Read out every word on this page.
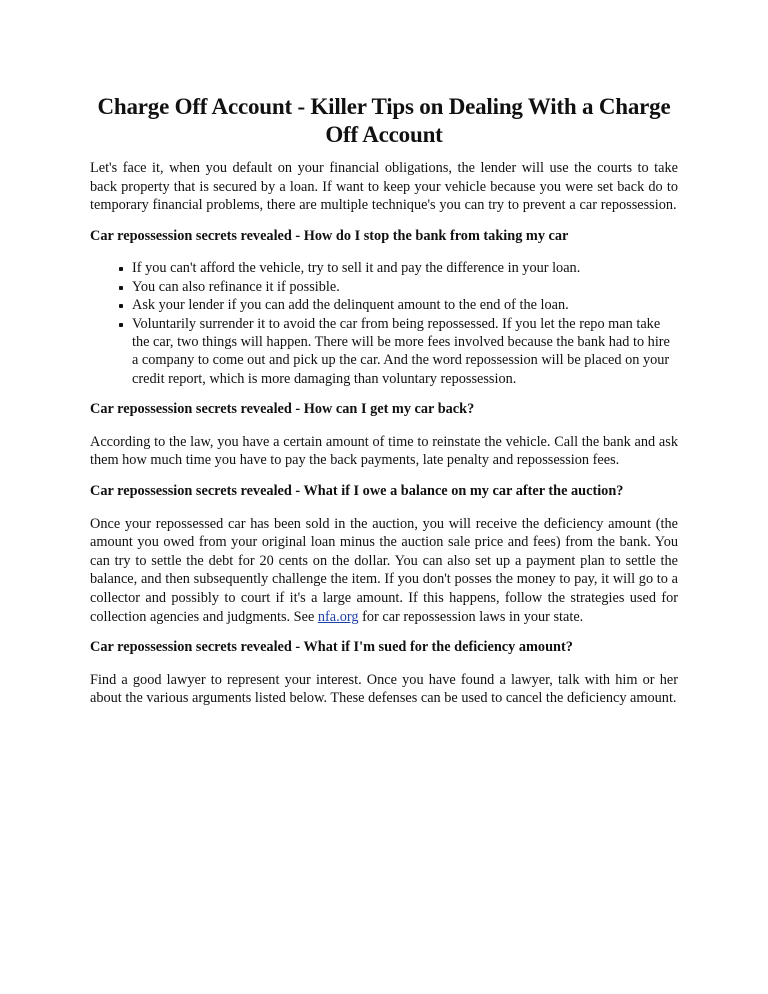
Charge Off Account - Killer Tips on Dealing With a Charge Off Account

Let's face it, when you default on your financial obligations, the lender will use the courts to take back property that is secured by a loan. If want to keep your vehicle because you were set back do to temporary financial problems, there are multiple technique's you can try to prevent a car repossession.

Car repossession secrets revealed - How do I stop the bank from taking my car
If you can't afford the vehicle, try to sell it and pay the difference in your loan.
You can also refinance it if possible.
Ask your lender if you can add the delinquent amount to the end of the loan.
Voluntarily surrender it to avoid the car from being repossessed. If you let the repo man take the car, two things will happen. There will be more fees involved because the bank had to hire a company to come out and pick up the car. And the word repossession will be placed on your credit report, which is more damaging than voluntary repossession.
Car repossession secrets revealed - How can I get my car back?

According to the law, you have a certain amount of time to reinstate the vehicle. Call the bank and ask them how much time you have to pay the back payments, late penalty and repossession fees.

Car repossession secrets revealed - What if I owe a balance on my car after the auction?

Once your repossessed car has been sold in the auction, you will receive the deficiency amount (the amount you owed from your original loan minus the auction sale price and fees) from the bank. You can try to settle the debt for 20 cents on the dollar. You can also set up a payment plan to settle the balance, and then subsequently challenge the item. If you don't posses the money to pay, it will go to a collector and possibly to court if it's a large amount. If this happens, follow the strategies used for collection agencies and judgments. See nfa.org for car repossession laws in your state.

Car repossession secrets revealed - What if I'm sued for the deficiency amount?

Find a good lawyer to represent your interest. Once you have found a lawyer, talk with him or her about the various arguments listed below. These defenses can be used to cancel the deficiency amount.
